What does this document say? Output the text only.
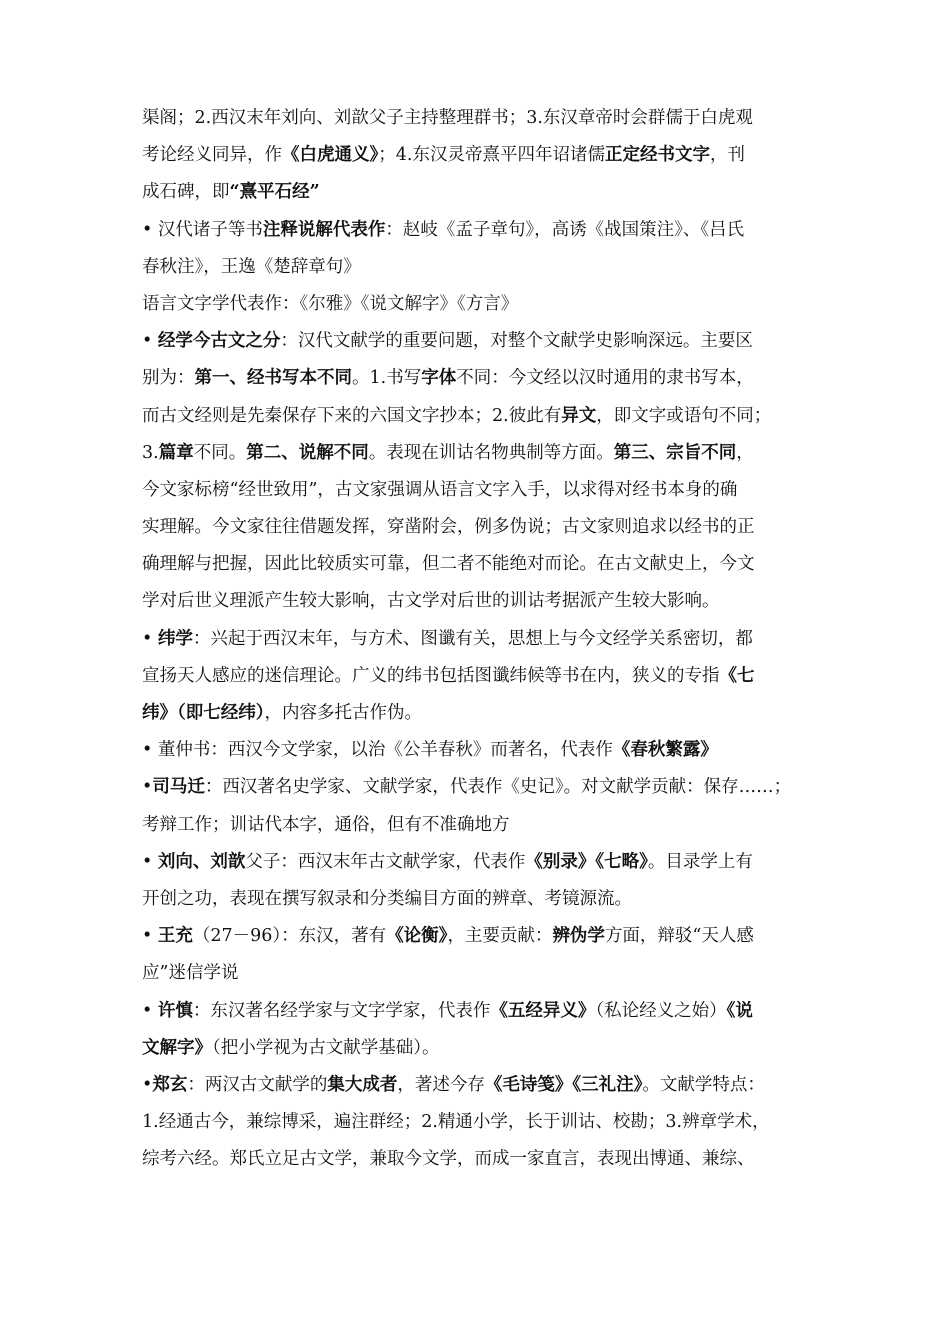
渠阁；2.西汉末年刘向、刘歆父子主持整理群书；3.东汉章帝时会群儒于白虎观
考论经义同异，作《白虎通义》；4.东汉灵帝熹平四年诏诸儒正定经书文字，刊
成石碑，即“熹平石经”
• 汉代诸子等书注释说解代表作：赵岐《孟子章句》，高诱《战国策注》、《吕氏
春秋注》，王逸《楚辞章句》
语言文字学代表作：《尔雅》《说文解字》《方言》
• 经学今古文之分：汉代文献学的重要问题，对整个文献学史影响深远。主要区
别为：第一、经书写本不同。1.书写字体不同：今文经以汉时通用的隶书写本，
而古文经则是先秦保存下来的六国文字抄本；2.彼此有异文，即文字或语句不同；
3.篇章不同。第二、说解不同。表现在训诂名物典制等方面。第三、宗旨不同，
今文家标榜“经世致用”，古文家强调从语言文字入手，以求得对经书本身的确
实理解。今文家往往借题发挥，穿凿附会，例多伪说；古文家则追求以经书的正
确理解与把握，因此比较质实可靠，但二者不能绝对而论。在古文献史上，今文
学对后世义理派产生较大影响，古文学对后世的训诂考据派产生较大影响。
• 纬学：兴起于西汉末年，与方术、图谶有关，思想上与今文经学关系密切，都
宣扬天人感应的迷信理论。广义的纬书包括图谶纬候等书在内，狭义的专指《七
纬》（即七经纬），内容多托古作伪。
• 董仲书：西汉今文学家，以治《公羊春秋》而著名，代表作《春秋繁露》
•司马迁：西汉著名史学家、文献学家，代表作《史记》。对文献学贡献：保存……；
考辩工作；训诂代本字，通俗，但有不准确地方
• 刘向、刘歆父子：西汉末年古文献学家，代表作《别录》《七略》。目录学上有
开创之功，表现在撰写叙录和分类编目方面的辨章、考镜源流。
• 王充（27－96）：东汉，著有《论衡》，主要贡献：辨伪学方面，辩驳“天人感
应”迷信学说
• 许慎：东汉著名经学家与文字学家，代表作《五经异义》（私论经义之始）《说
文解字》（把小学视为古文献学基础）。
•郑玄：两汉古文献学的集大成者，著述今存《毛诗笺》《三礼注》。文献学特点：
1.经通古今，兼综博采，遍注群经；2.精通小学，长于训诂、校勘；3.辨章学术，
综考六经。郑氏立足古文学，兼取今文学，而成一家直言，表现出博通、兼综、
